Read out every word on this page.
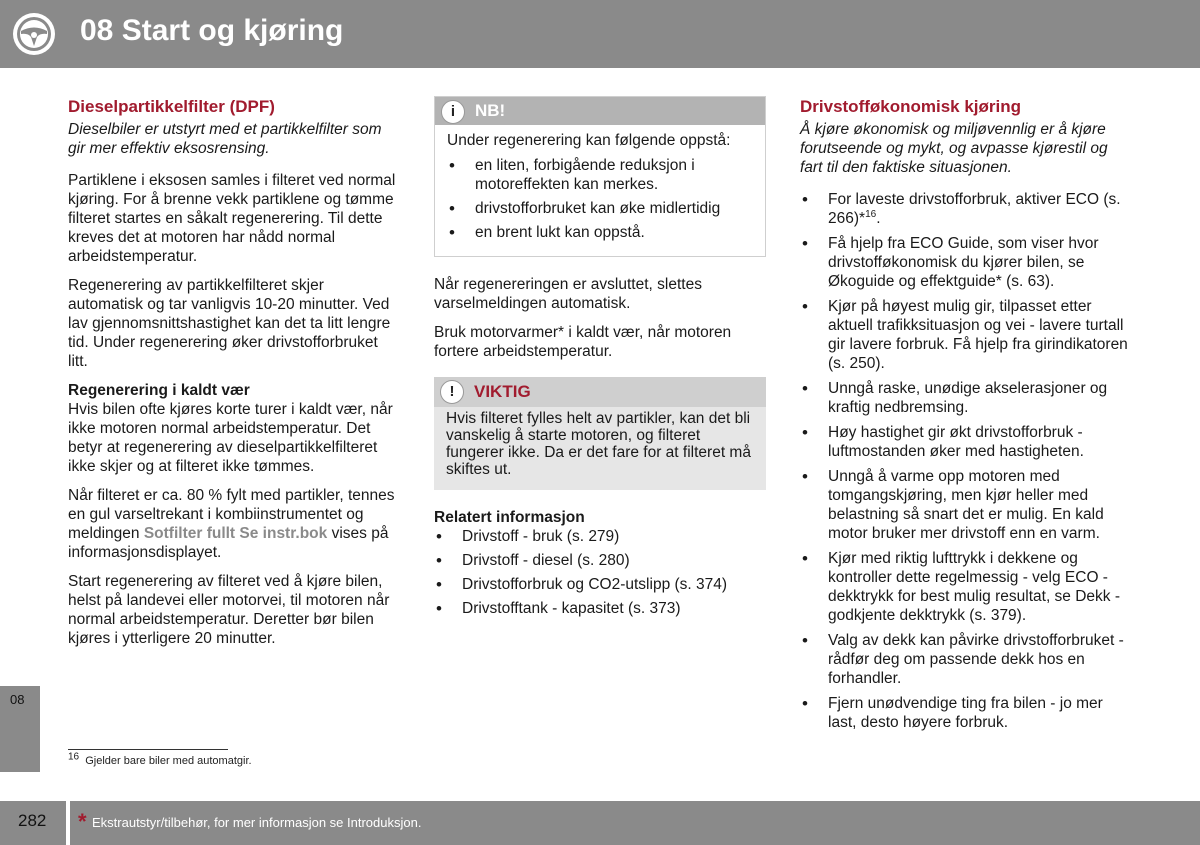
08 Start og kjøring
Dieselpartikkelfilter (DPF)

Dieselbiler er utstyrt med et partikkelfilter som gir mer effektiv eksosrensing.

Partiklene i eksosen samles i filteret ved normal kjøring. For å brenne vekk partiklene og tømme filteret startes en såkalt regenerering. Til dette kreves det at motoren har nådd normal arbeidstemperatur.

Regenerering av partikkelfilteret skjer automatisk og tar vanligvis 10-20 minutter. Ved lav gjennomsnittshastighet kan det ta litt lengre tid. Under regenerering øker drivstofforbruket litt.

Regenerering i kaldt vær

Hvis bilen ofte kjøres korte turer i kaldt vær, når ikke motoren normal arbeidstemperatur. Det betyr at regenerering av dieselpartikkelfilteret ikke skjer og at filteret ikke tømmes.

Når filteret er ca. 80 % fylt med partikler, tennes en gul varseltrekant i kombiinstrumentet og meldingen Sotfilter fullt Se instr.bok vises på informasjonsdisplayet.

Start regenerering av filteret ved å kjøre bilen, helst på landevei eller motorvei, til motoren når normal arbeidstemperatur. Deretter bør bilen kjøres i ytterligere 20 minutter.

i	NB!

Under regenerering kan følgende oppstå:

• en liten, forbigående reduksjon i motoreffekten kan merkes.
• drivstofforbruket kan øke midlertidig
• en brent lukt kan oppstå.

Når regenereringen er avsluttet, slettes varselmeldingen automatisk.

Bruk motorvarmer* i kaldt vær, når motoren fortere arbeidstemperatur.

!	VIKTIG
Hvis filteret fylles helt av partikler, kan det bli vanskelig å starte motoren, og filteret fungerer ikke. Da er det fare for at filteret må skiftes ut.
Relatert informasjon
• Drivstoff - bruk (s. 279)
• Drivstoff - diesel (s. 280)
• Drivstofforbruk og CO2-utslipp (s. 374)
• Drivstofftank - kapasitet (s. 373)
Drivstofføkonomisk kjøring

Å kjøre økonomisk og miljøvennlig er å kjøre forutseende og mykt, og avpasse kjørestil og fart til den faktiske situasjonen.

• For laveste drivstofforbruk, aktiver ECO (s. 266)*$^{16}$.
• Få hjelp fra ECO Guide, som viser hvor drivstofføkonomisk du kjører bilen, se Økoguide og effektguide* (s. 63).
• Kjør på høyest mulig gir, tilpasset etter aktuell trafikksituasjon og vei - lavere turtall gir lavere forbruk. Få hjelp fra girindikatoren (s. 250).
• Unngå raske, unødige akselerasjoner og kraftig nedbremsing.
• Høy hastighet gir økt drivstofforbruk - luftmostanden øker med hastigheten.
• Unngå å varme opp motoren med tomgangskjøring, men kjør heller med belastning så snart det er mulig. En kald motor bruker mer drivstoff enn en varm.
• Kjør med riktig lufttrykk i dekkene og kontroller dette regelmessig - velg ECO -dekktrykk for best mulig resultat, se Dekk - godkjente dekktrykk (s. 379).
• Valg av dekk kan påvirke drivstofforbruket - rådfør deg om passende dekk hos en forhandler.
• Fjern unødvendige ting fra bilen - jo mer last, desto høyere forbruk.
08
$^{16}$ Gjelder bare biler med automatgir.
282 * Ekstrautstyr/tilbehør, for mer informasjon se Introduksjon.
